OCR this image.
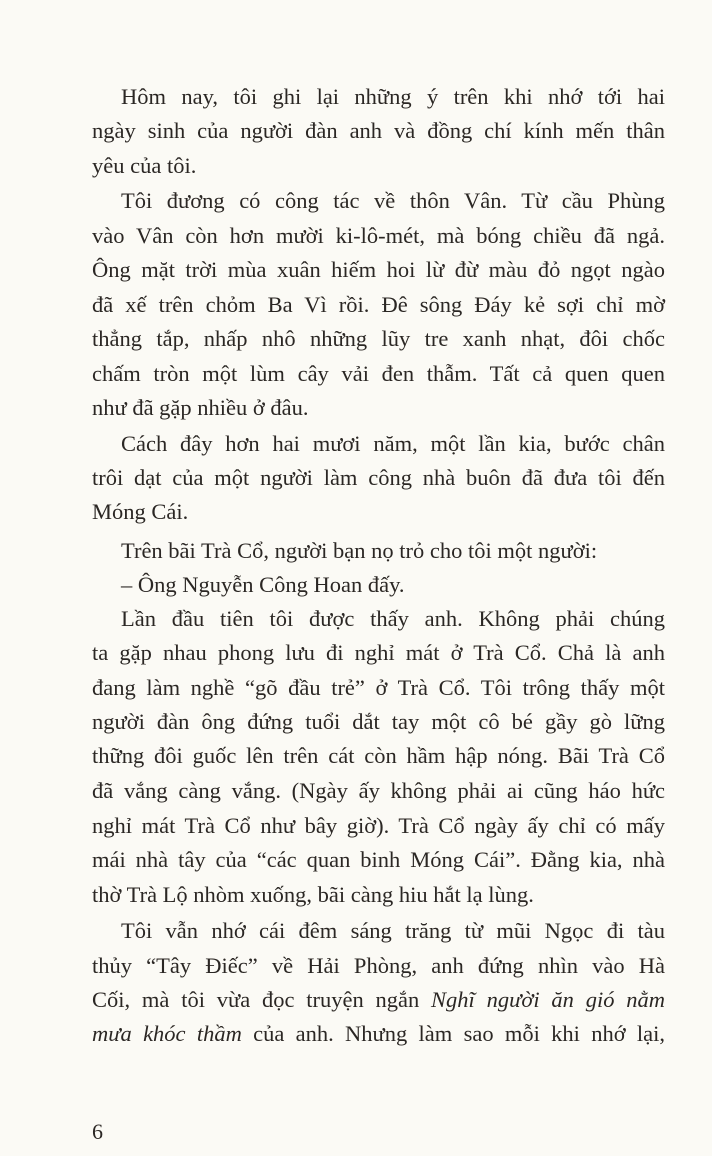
6
Hôm nay, tôi ghi lại những ý trên khi nhớ tới hai
ngày sinh của người đàn anh và đồng chí kính mến thân
yêu của tôi.
Tôi đương có công tác về thôn Vân. Từ cầu Phùng
vào Vân còn hơn mười ki-lô-mét, mà bóng chiều đã ngả.
Ông mặt trời mùa xuân hiếm hoi lừ đừ màu đỏ ngọt ngào
đã xế trên chỏm Ba Vì rồi. Đê sông Đáy kẻ sợi chỉ mờ
thẳng tắp, nhấp nhô những lũy tre xanh nhạt, đôi chốc
chấm tròn một lùm cây vải đen thẫm. Tất cả quen quen
như đã gặp nhiều ở đâu.
Cách đây hơn hai mươi năm, một lần kia, bước chân
trôi dạt của một người làm công nhà buôn đã đưa tôi đến
Móng Cái.
Trên bãi Trà Cổ, người bạn nọ trỏ cho tôi một người:
– Ông Nguyễn Công Hoan đấy.
Lần đầu tiên tôi được thấy anh. Không phải chúng
ta gặp nhau phong lưu đi nghỉ mát ở Trà Cổ. Chả là anh
đang làm nghề “gõ đầu trẻ” ở Trà Cổ. Tôi trông thấy một
người đàn ông đứng tuổi dắt tay một cô bé gầy gò lững
thững đôi guốc lên trên cát còn hầm hập nóng. Bãi Trà Cổ
đã vắng càng vắng. (Ngày ấy không phải ai cũng háo hức
nghỉ mát Trà Cổ như bây giờ). Trà Cổ ngày ấy chỉ có mấy
mái nhà tây của “các quan binh Móng Cái”. Đằng kia, nhà
thờ Trà Lộ nhòm xuống, bãi càng hiu hắt lạ lùng.
Tôi vẫn nhớ cái đêm sáng trăng từ mũi Ngọc đi tàu
thủy “Tây Điếc” về Hải Phòng, anh đứng nhìn vào Hà
Cối, mà tôi vừa đọc truyện ngắn Nghĩ người ăn gió nằm
mưa khóc thầm của anh. Nhưng làm sao mỗi khi nhớ lại,
